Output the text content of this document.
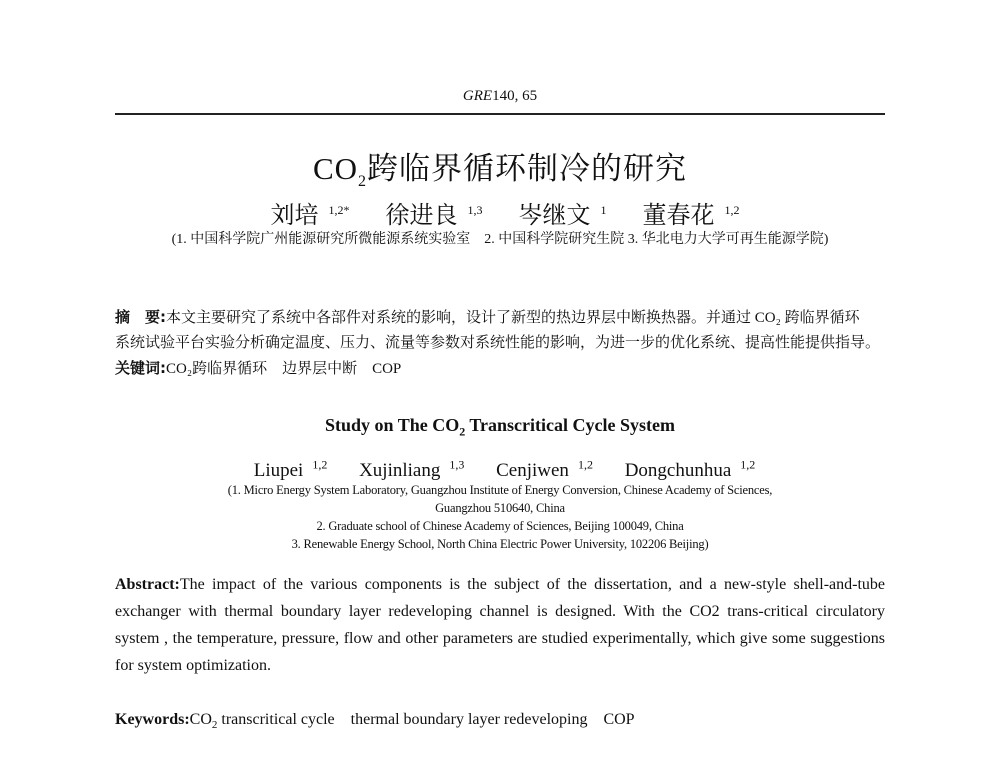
GRE140, 65
$CO_2$跨临界循环制冷的研究
刘培 $^{1,2*}$ 徐进良 $^{1,3}$ 岑继文 $^1$ 董春花 $^{1,2}$
(1. 中国科学院广州能源研究所微能源系统实验室　2. 中国科学院研究生院 3. 华北电力大学可再生能源学院)
摘　要:本文主要研究了系统中各部件对系统的影响，设计了新型的热边界层中断换热器。并通过 CO₂ 跨临界循环
系统试验平台实验分析确定温度、压力、流量等参数对系统性能的影响，为进一步的优化系统、提高性能提供指导。
关键词:CO₂跨临界循环　边界层中断　COP
Study on The $CO_2$ Transcritical Cycle System
Liupei $^{1,2}$ Xujinliang $^{1,3}$ Cenjiwen $^{1,2}$ Dongchunhua $^{1,2}$
(1. Micro Energy System Laboratory, Guangzhou Institute of Energy Conversion, Chinese Academy of Sciences,
Guangzhou 510640, China
2. Graduate school of Chinese Academy of Sciences, Beijing 100049, China
3. Renewable Energy School, North China Electric Power University, 102206 Beijing)
Abstract:The impact of the various components is the subject of the dissertation, and a new-style shell-and-tube exchanger with thermal boundary layer redeveloping channel is designed. With the CO2 trans-critical circulatory system , the temperature, pressure, flow and other parameters are studied experimentally, which give some suggestions for system optimization.
$Keywords:CO_2$ transcritical cycle　thermal boundary layer redeveloping　COP
